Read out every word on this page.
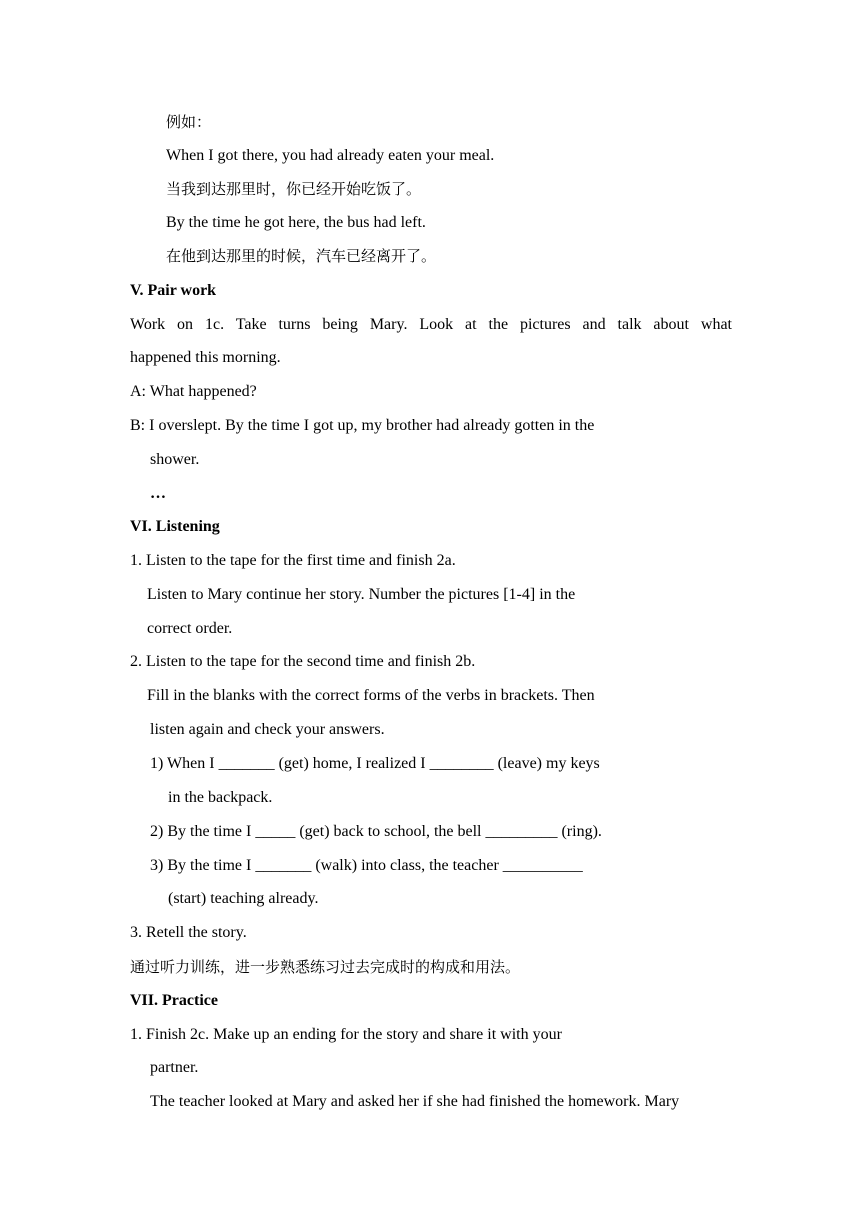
例如：
When I got there, you had already eaten your meal.
当我到达那里时，你已经开始吃饭了。
By the time he got here, the bus had left.
在他到达那里的时候，汽车已经离开了。
V. Pair work
Work on 1c. Take turns being Mary. Look at the pictures and talk about what
happened this morning.
A: What happened?
B: I overslept. By the time I got up, my brother had already gotten in the
shower.
…
VI. Listening
1. Listen to the tape for the first time and finish 2a.
Listen to Mary continue her story. Number the pictures [1-4] in the
correct order.
2. Listen to the tape for the second time and finish 2b.
Fill in the blanks with the correct forms of the verbs in brackets. Then
listen again and check your answers.
1) When I _______ (get) home, I realized I ________ (leave) my keys
in the backpack.
2) By the time I _____ (get) back to school, the bell _________ (ring).
3) By the time I _______ (walk) into class, the teacher __________
(start) teaching already.
3. Retell the story.
通过听力训练，进一步熟悉练习过去完成时的构成和用法。
VII. Practice
1. Finish 2c. Make up an ending for the story and share it with your
partner.
The teacher looked at Mary and asked her if she had finished the homework. Mary
